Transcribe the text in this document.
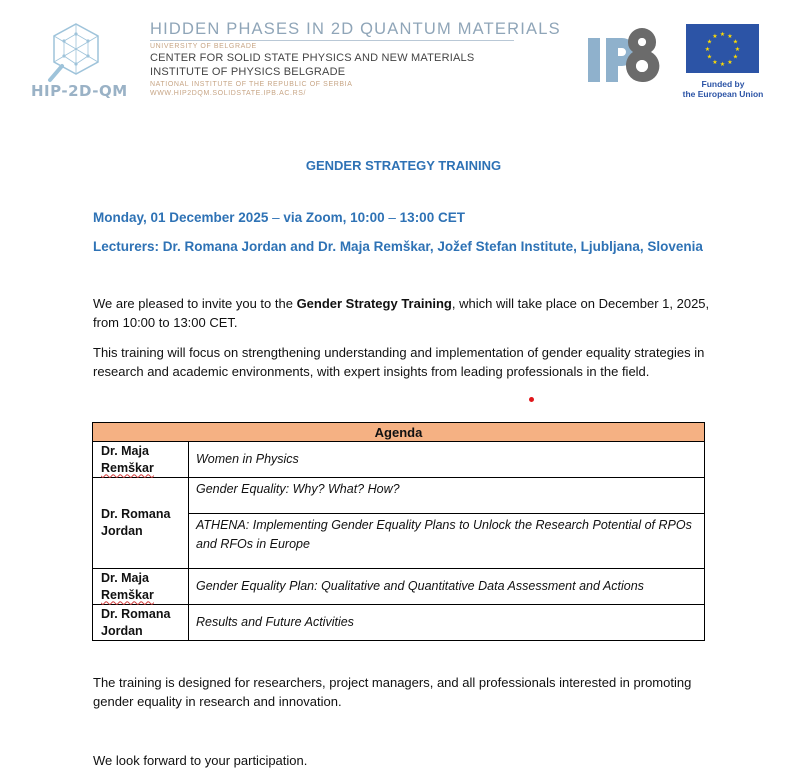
HIP-2D-QM
HIDDEN PHASES IN 2D QUANTUM MATERIALS
UNIVERSITY OF BELGRADE
CENTER FOR SOLID STATE PHYSICS AND NEW MATERIALS
INSTITUTE OF PHYSICS BELGRADE
NATIONAL INSTITUTE OF THE REPUBLIC OF SERBIA
WWW.HIP2DQM.SOLIDSTATE.IPB.AC.RS/
★ ★
★
★
★
★
★
★
★
★
★
★
Funded by
the European Union
GENDER STRATEGY TRAINING
Monday, 01 December 2025 – via Zoom, 10:00 – 13:00 CET
Lecturers: Dr. Romana Jordan and Dr. Maja Remškar, Jožef Stefan Institute, Ljubljana, Slovenia
We are pleased to invite you to the Gender Strategy Training, which will take place on December 1, 2025, from 10:00 to 13:00 CET.
This training will focus on strengthening understanding and implementation of gender equality strategies in research and academic environments, with expert insights from leading professionals in the field.
Agenda	

Dr. Maja
Remškar	Women in Physics

Dr. Romana
Jordan	Gender Equality: Why? What? How?
	ATHENA: Implementing Gender Equality Plans to Unlock the Research Potential of RPOs and RFOs in Europe

Dr. Maja
Remškar	Gender Equality Plan: Qualitative and Quantitative Data Assessment and Actions

Dr. Romana
Jordan	Results and Future Activities
The training is designed for researchers, project managers, and all professionals interested in promoting gender equality in research and innovation.
We look forward to your participation.
